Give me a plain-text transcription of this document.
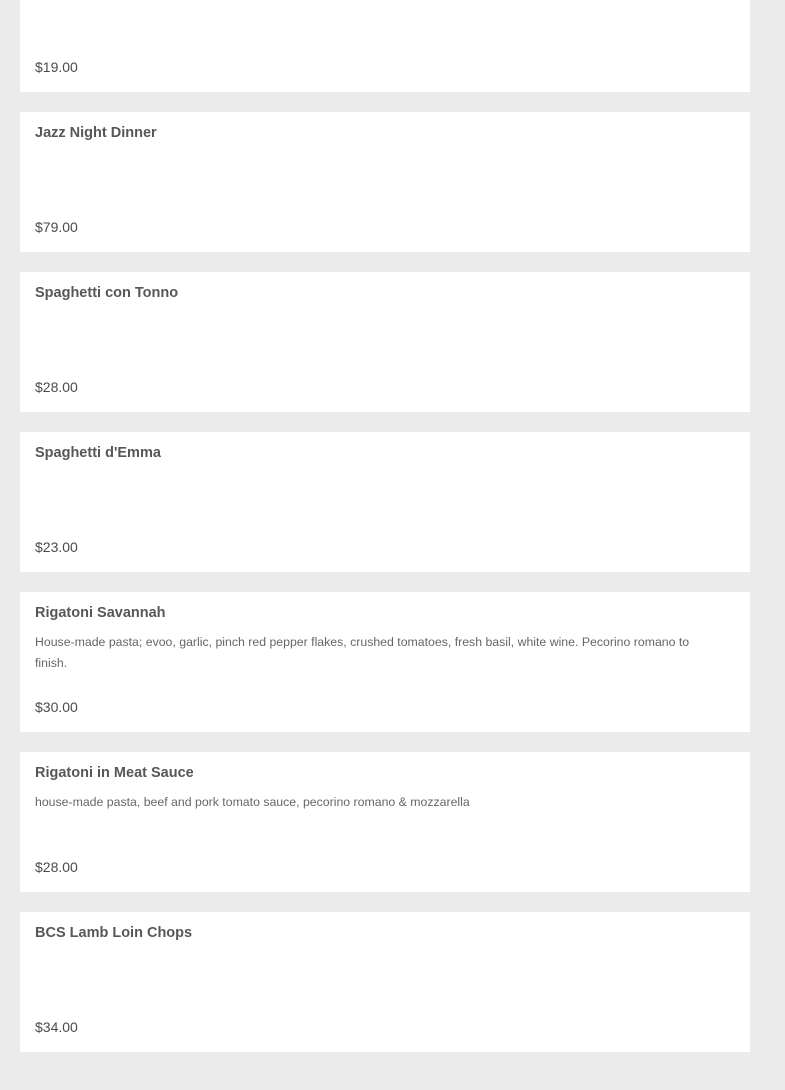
$19.00
Jazz Night Dinner
$79.00
Spaghetti con Tonno
$28.00
Spaghetti d'Emma
$23.00
Rigatoni Savannah
House-made pasta; evoo, garlic, pinch red pepper flakes, crushed tomatoes, fresh basil, white wine. Pecorino romano to finish.
$30.00
Rigatoni in Meat Sauce
house-made pasta, beef and pork tomato sauce, pecorino romano & mozzarella
$28.00
BCS Lamb Loin Chops
$34.00
